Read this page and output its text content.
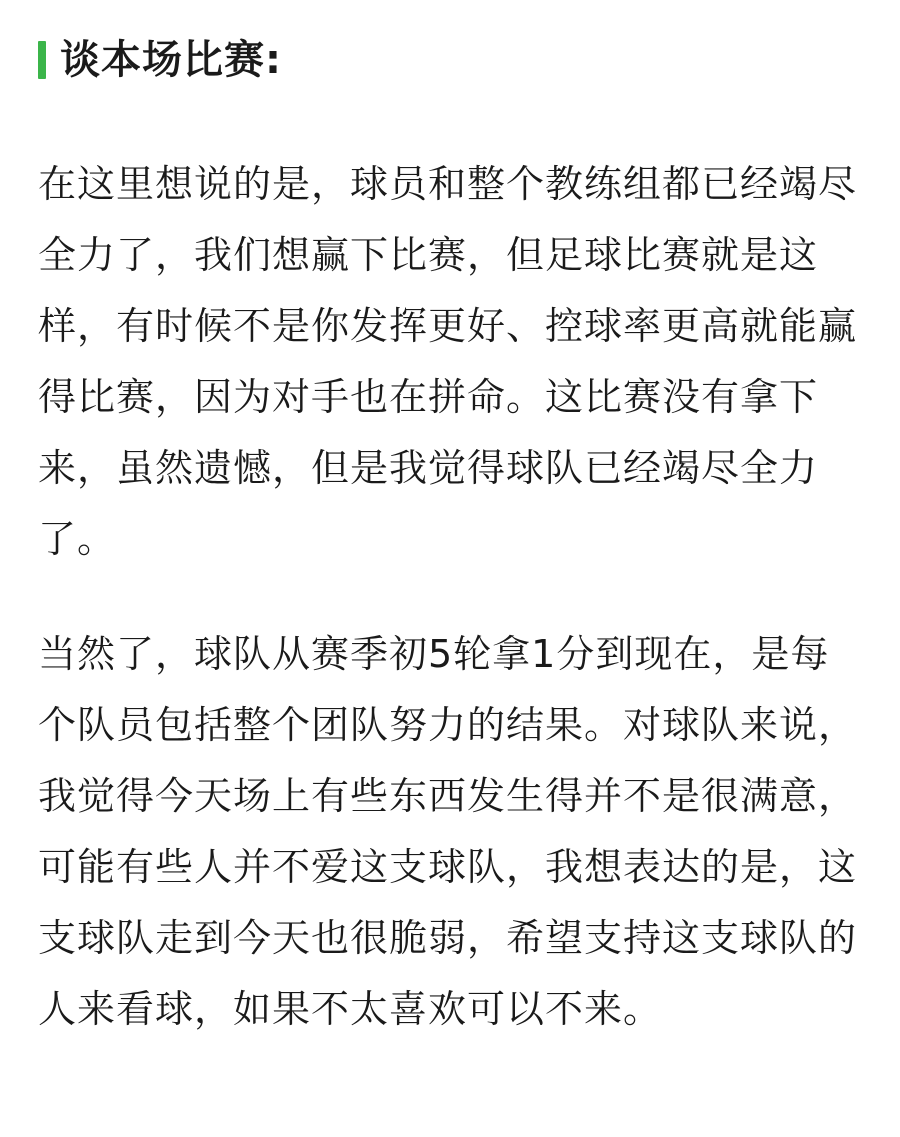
谈本场比赛:

在这里想说的是，球员和整个教练组都已经竭尽全力了，我们想赢下比赛，但足球比赛就是这样，有时候不是你发挥更好、控球率更高就能赢得比赛，因为对手也在拼命。这比赛没有拿下来，虽然遗憾，但是我觉得球队已经竭尽全力了。

当然了，球队从赛季初5轮拿1分到现在，是每个队员包括整个团队努力的结果。对球队来说，我觉得今天场上有些东西发生得并不是很满意，可能有些人并不爱这支球队，我想表达的是，这支球队走到今天也很脆弱，希望支持这支球队的人来看球，如果不太喜欢可以不来。
